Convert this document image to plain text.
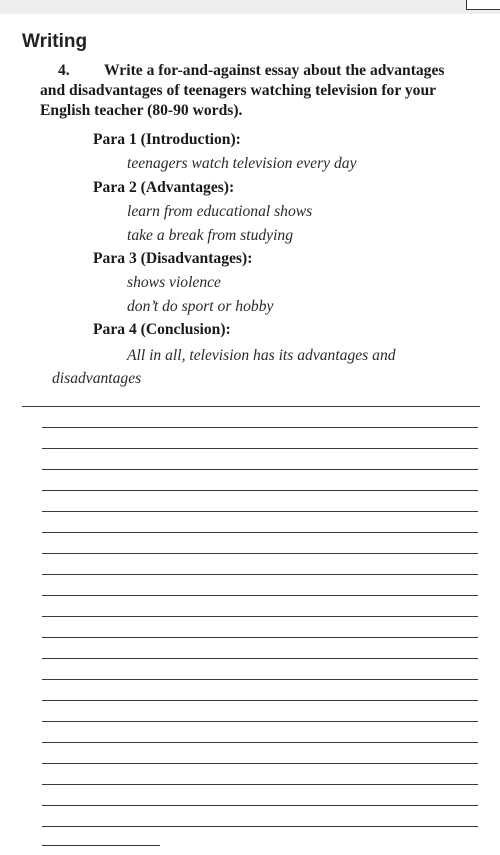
Writing

4. Write a for-and-against essay about the advantages and disadvantages of teenagers watching television for your English teacher (80-90 words).

Para 1 (Introduction):

teenagers watch television every day

Para 2 (Advantages):

learn from educational shows

take a break from studying

Para 3 (Disadvantages):

shows violence

don’t do sport or hobby

Para 4 (Conclusion):

All in all, television has its advantages and disadvantages
